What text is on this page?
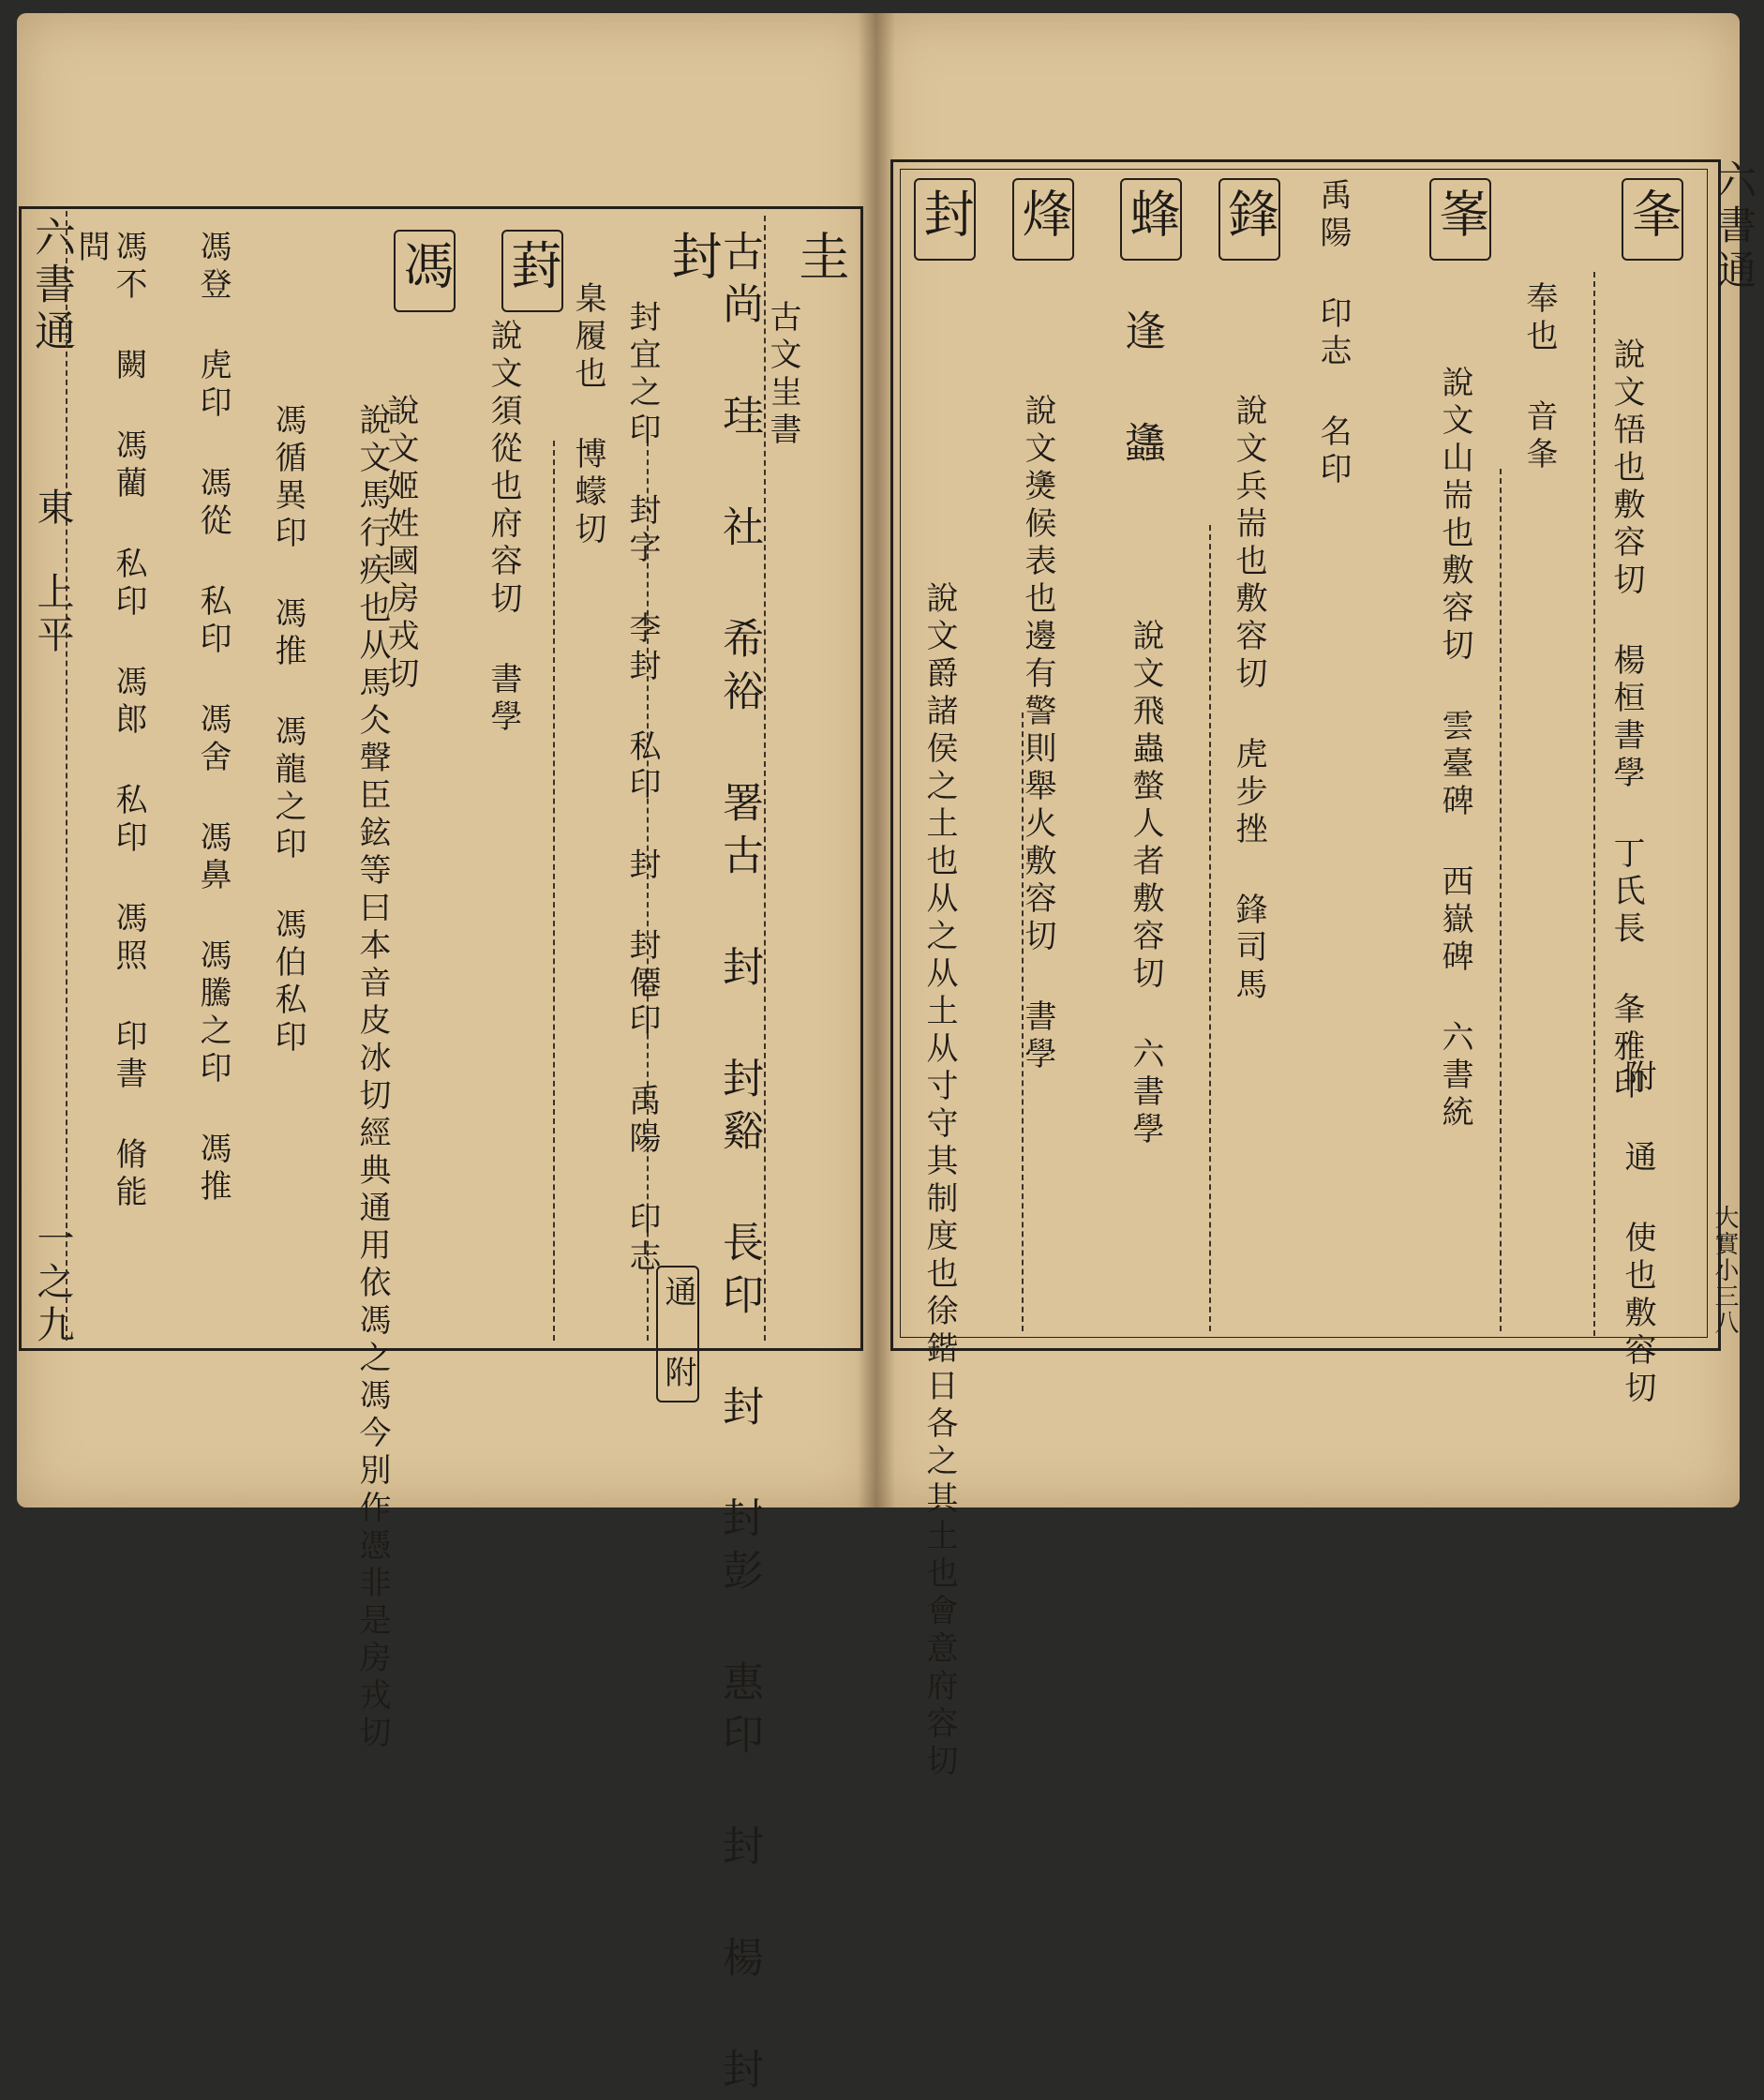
六書通
東
上平
一之九
圭
古文㞷書
古尚 珪 社 希裕 署古 封 封谿 長印 封 封彭 惠印 封 楊 封
封
封宜之印 封字 李封 私印 封 封僊印 禹陽 印志
通 附
臬履也 博蠓切
葑
說文須從也府容切 書學
馮
說文姬姓國房戎切
說文馬行疾也从馬仌聲臣鉉等曰本音皮冰切經典通用依馮之馮今別作憑非是房戎切
馮循異印 馮推 馮龍之印 馮伯私印
馮登 虎印 馮從 私印 馮舍 馮鼻 馮騰之印 馮推
馮不 闕 馮藺 私印 馮郎 私印 馮照 印書 脩能
問	六書通
大實小三八
夆
說文啎也敷容切 楊桓書學 丁氏長 夆雅印
附 通 使也敷容切
奉也 音夆
峯
說文山耑也敷容切 雲臺碑 西嶽碑 六書統
禹陽 印志 名印
鋒
說文兵耑也敷容切 虎步挫 鋒司馬
蜂
說文飛蟲螫人者敷容切 六書學
逢 蠭
烽
說文㷭候表也邊有警則舉火敷容切 書學
封
說文爵諸侯之土也从之从土从寸守其制度也徐鍇日各之其土也會意府容切
